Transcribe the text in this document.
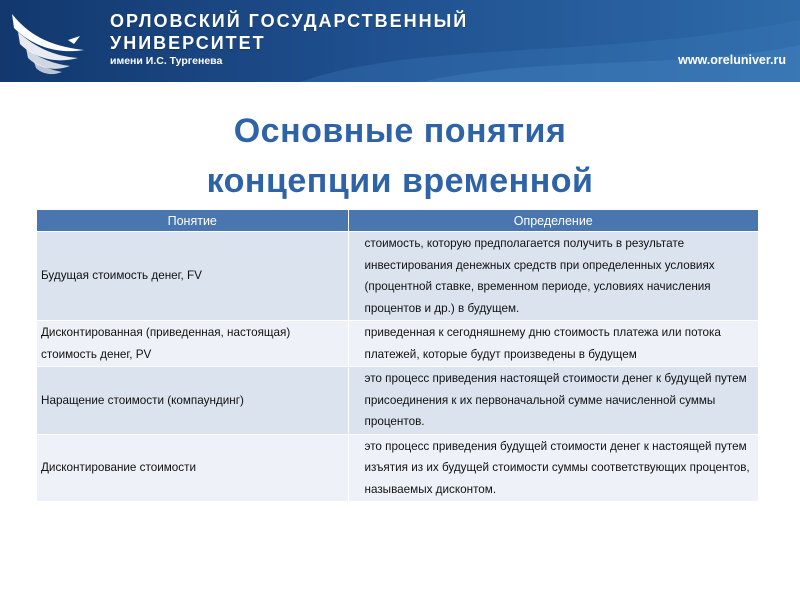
ОРЛОВСКИЙ ГОСУДАРСТВЕННЫЙ
УНИВЕРСИТЕТ
имени И.С. Тургенева	www.oreluniver.ru
Основные понятия
концепции временной
Понятие	Определение
Будущая стоимость денег, FV	стоимость, которую предполагается получить в результате инвестирования денежных средств при определенных условиях (процентной ставке, временном периоде, условиях начисления процентов и др.) в будущем.
Дисконтированная (приведенная, настоящая) стоимость денег, PV	приведенная к сегодняшнему дню стоимость платежа или потока платежей, которые будут произведены в будущем
Наращение стоимости (компаундинг)	это процесс приведения настоящей стоимости денег к будущей путем присоединения к их первоначальной сумме начисленной суммы процентов.
Дисконтирование стоимости	это процесс приведения будущей стоимости денег к настоящей путем изъятия из их будущей стоимости суммы соответствующих процентов, называемых дисконтом.
